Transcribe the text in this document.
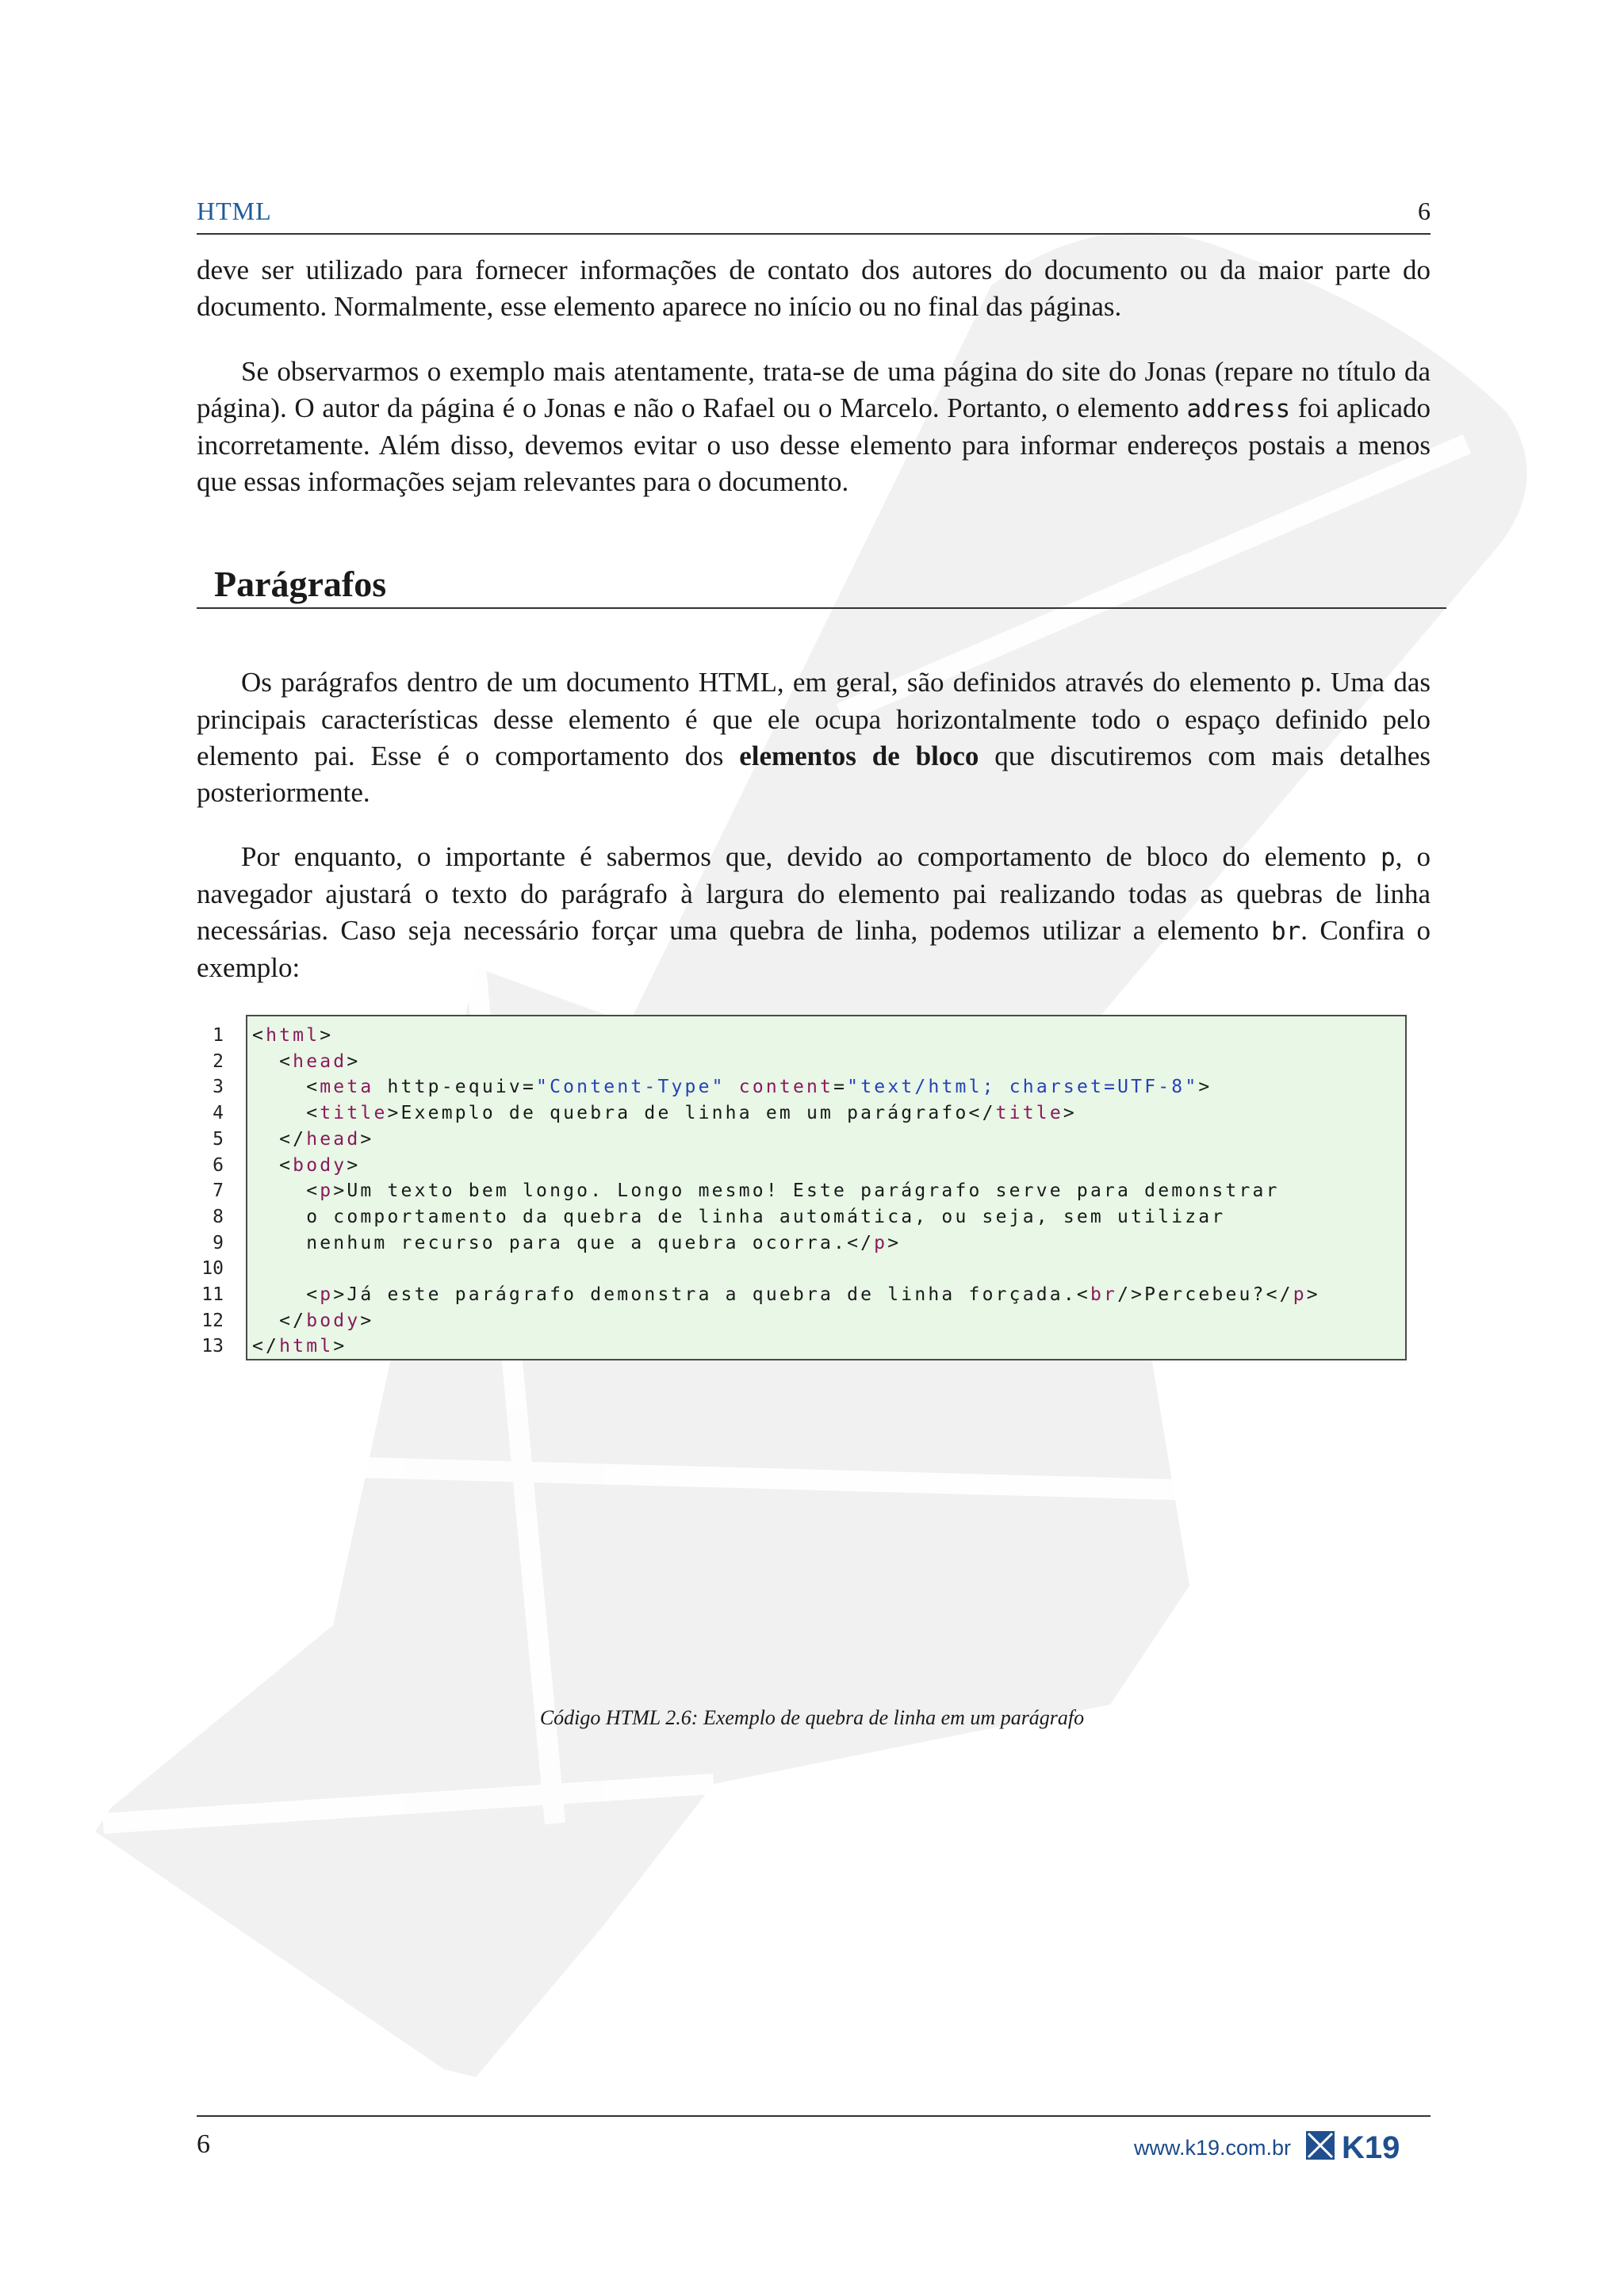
HTML	6

deve ser utilizado para fornecer informações de contato dos autores do documento ou da maior parte do documento. Normalmente, esse elemento aparece no início ou no final das páginas.

Se observarmos o exemplo mais atentamente, trata-se de uma página do site do Jonas (repare no título da página). O autor da página é o Jonas e não o Rafael ou o Marcelo. Portanto, o elemento address foi aplicado incorretamente. Além disso, devemos evitar o uso desse elemento para informar endereços postais a menos que essas informações sejam relevantes para o documento.

Parágrafos

Os parágrafos dentro de um documento HTML, em geral, são definidos através do elemento p. Uma das principais características desse elemento é que ele ocupa horizontalmente todo o espaço definido pelo elemento pai. Esse é o comportamento dos elementos de bloco que discutiremos com mais detalhes posteriormente.

Por enquanto, o importante é sabermos que, devido ao comportamento de bloco do elemento p, o navegador ajustará o texto do parágrafo à largura do elemento pai realizando todas as quebras de linha necessárias. Caso seja necessário forçar uma quebra de linha, podemos utilizar a elemento br. Confira o exemplo:

1
2
3
4
5
6
7
8
9
10
11
12
13
<html>
<head>
<meta http-equiv="Content-Type" content="text/html; charset=UTF-8">
<title>Exemplo de quebra de linha em um parágrafo</title>
</head>
<body>
<p>Um texto bem longo. Longo mesmo! Este parágrafo serve para demonstrar
o comportamento da quebra de linha automática, ou seja, sem utilizar
nenhum recurso para que a quebra ocorra.</p>

<p>Já este parágrafo demonstra a quebra de linha forçada.<br/>Percebeu?</p>
</body>
</html>
Código HTML 2.6: Exemplo de quebra de linha em um parágrafo
6	www.k19.com.br K19
